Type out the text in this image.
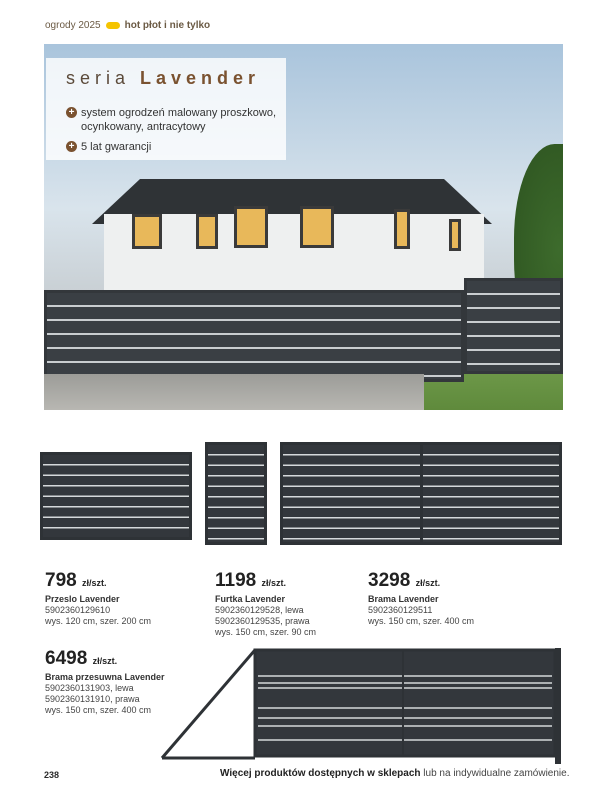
ogrody 2025 hot płot i nie tylko
seria Lavender
+ system ogrodzeń malowany proszkowo, ocynkowany, antracytowy
+ 5 lat gwarancji
798 zł/szt.
Przeslo Lavender
5902360129610
wys. 120 cm, szer. 200 cm
1198 zł/szt.
Furtka Lavender
5902360129528, lewa
5902360129535, prawa
wys. 150 cm, szer. 90 cm
3298 zł/szt.
Brama Lavender
5902360129511
wys. 150 cm, szer. 400 cm
6498 zł/szt.
Brama przesuwna Lavender
5902360131903, lewa
5902360131910, prawa
wys. 150 cm, szer. 400 cm
238	Więcej produktów dostępnych w sklepach lub na indywidualne zamówienie.
